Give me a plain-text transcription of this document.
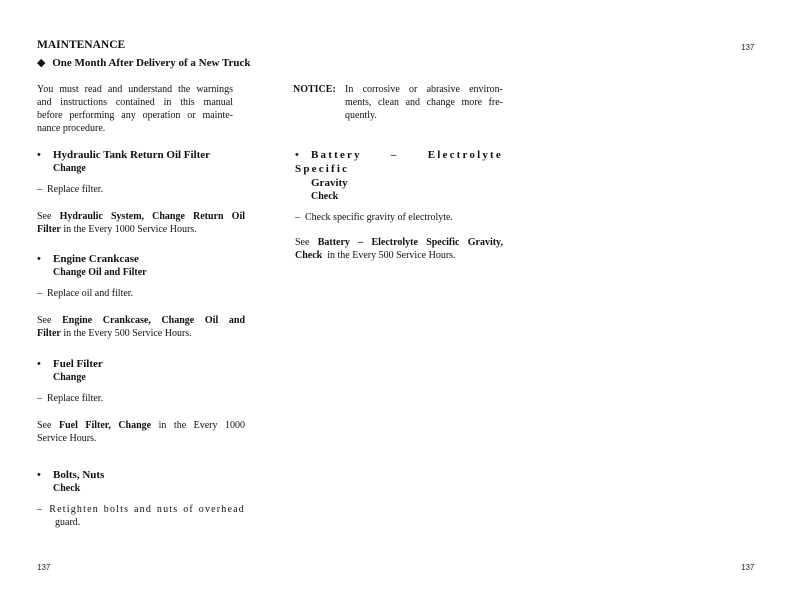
137
137	137
MAINTENANCE
◆ One Month After Delivery of a New Truck
You must read and understand the warnings
and instructions contained in this manual
before performing any operation or mainte-
nance procedure.
• Hydraulic Tank Return Oil Filter
Change
– Replace filter.
See Hydraulic System, Change Return Oil
Filter in the Every 1000 Service Hours.
• Engine Crankcase
Change Oil and Filter
– Replace oil and filter.
See Engine Crankcase, Change Oil and
Filter in the Every 500 Service Hours.
• Fuel Filter
Change
– Replace filter.
See Fuel Filter, Change in the Every 1000
Service Hours.
• Bolts, Nuts
Check
– Retighten bolts and nuts of overhead
guard.
NOTICE: In corrosive or abrasive environ-
ments, clean and change more fre-
quently.
• Battery – Electrolyte Specific
Gravity
Check
– Check specific gravity of electrolyte.
See Battery – Electrolyte Specific Gravity,
Check in the Every 500 Service Hours.
